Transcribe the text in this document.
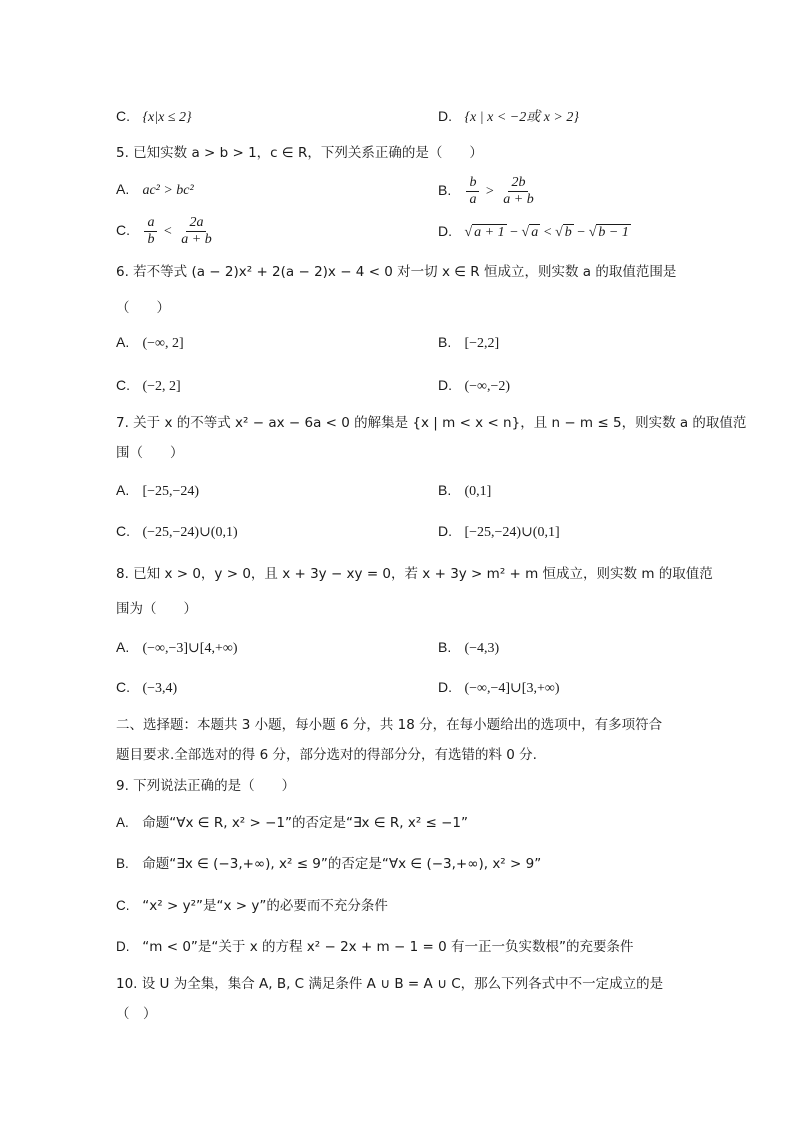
C. {x|x ≤ 2}	D. {x | x < −2或 x > 2}
5. 已知实数 a > b > 1，c ∈ R，下列关系正确的是（　　）
A. ac² > bc²	B. $\frac{b}{a} > \frac{2b}{a + b}$
C. $\frac{a}{b} < \frac{2a}{a + b}$	D. √ a + 1 − √ a < √ b − √ b − 1
6. 若不等式 (a − 2)x² + 2(a − 2)x − 4 < 0 对一切 x ∈ R 恒成立，则实数 a 的取值范围是
（　　）
A. (−∞, 2]	B. [−2,2]
C. (−2, 2]	D. (−∞,−2)
7. 关于 x 的不等式 x² − ax − 6a < 0 的解集是 {x | m < x < n}，且 n − m ≤ 5，则实数 a 的取值范
围（　　）
A. [−25,−24)	B. (0,1]
C. (−25,−24)∪(0,1)	D. [−25,−24)∪(0,1]
8. 已知 x > 0，y > 0，且 x + 3y − xy = 0，若 x + 3y > m² + m 恒成立，则实数 m 的取值范
围为（　　）
A. (−∞,−3]∪[4,+∞)	B. (−4,3)
C. (−3,4)	D. (−∞,−4]∪[3,+∞)
二、选择题：本题共 3 小题，每小题 6 分，共 18 分，在每小题给出的选项中，有多项符合
题目要求.全部选对的得 6 分，部分选对的得部分分，有选错的料 0 分.
9. 下列说法正确的是（　　）
A. 命题“∀x ∈ R, x² > −1”的否定是“∃x ∈ R, x² ≤ −1”
B. 命题“∃x ∈ (−3,+∞), x² ≤ 9”的否定是“∀x ∈ (−3,+∞), x² > 9”
C. “x² > y²”是“x > y”的必要而不充分条件
D. “m < 0”是“关于 x 的方程 x² − 2x + m − 1 = 0 有一正一负实数根”的充要条件
10. 设 U 为全集，集合 A, B, C 满足条件 A ∪ B = A ∪ C，那么下列各式中不一定成立的是
（　）
